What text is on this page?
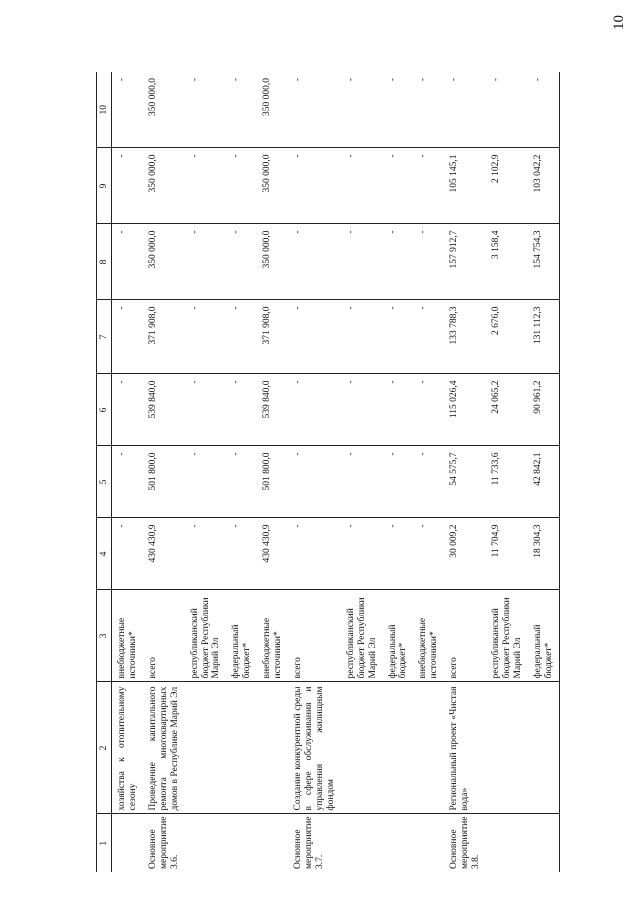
10
1	2	3	4	5	6	7	8	9	10
	хозяйства к отопительному сезону	внебюджетные источники*	-	-	-	-	-	-	-
Основное мероприятие 3.6.	Проведение капитального ремонта многоквартирных домов в Республике Марий Эл	всего	430 430,9	501 800,0	539 840,0	371 908,0	350 000,0	350 000,0	350 000,0
		республиканский бюджет Республики Марий Эл	-	-	-	-	-	-	-
		федеральный бюджет*	-	-	-	-	-	-	-
		внебюджетные источники*	430 430,9	501 800,0	539 840,0	371 908,0	350 000,0	350 000,0	350 000,0
Основное мероприятие 3.7.	Создание конкурентной среды в сфере обслуживания и управления жилищным фондом	всего	-	-	-	-	-	-	-
		республиканский бюджет Республики Марий Эл	-	-	-	-	-	-	-
		федеральный бюджет*	-	-	-	-	-	-	-
		внебюджетные источники*	-	-	-	-	-	-	-
Основное мероприятие 3.8.	Региональный проект «Чистая вода»	всего	30 009,2	54 575,7	115 026,4	133 788,3	157 912,7	105 145,1	-
		республиканский бюджет Республики Марий Эл	11 704,9	11 733,6	24 065,2	2 676,0	3 158,4	2 102,9	-
		федеральный бюджет*	18 304,3	42 842,1	90 961,2	131 112,3	154 754,3	103 042,2	-
